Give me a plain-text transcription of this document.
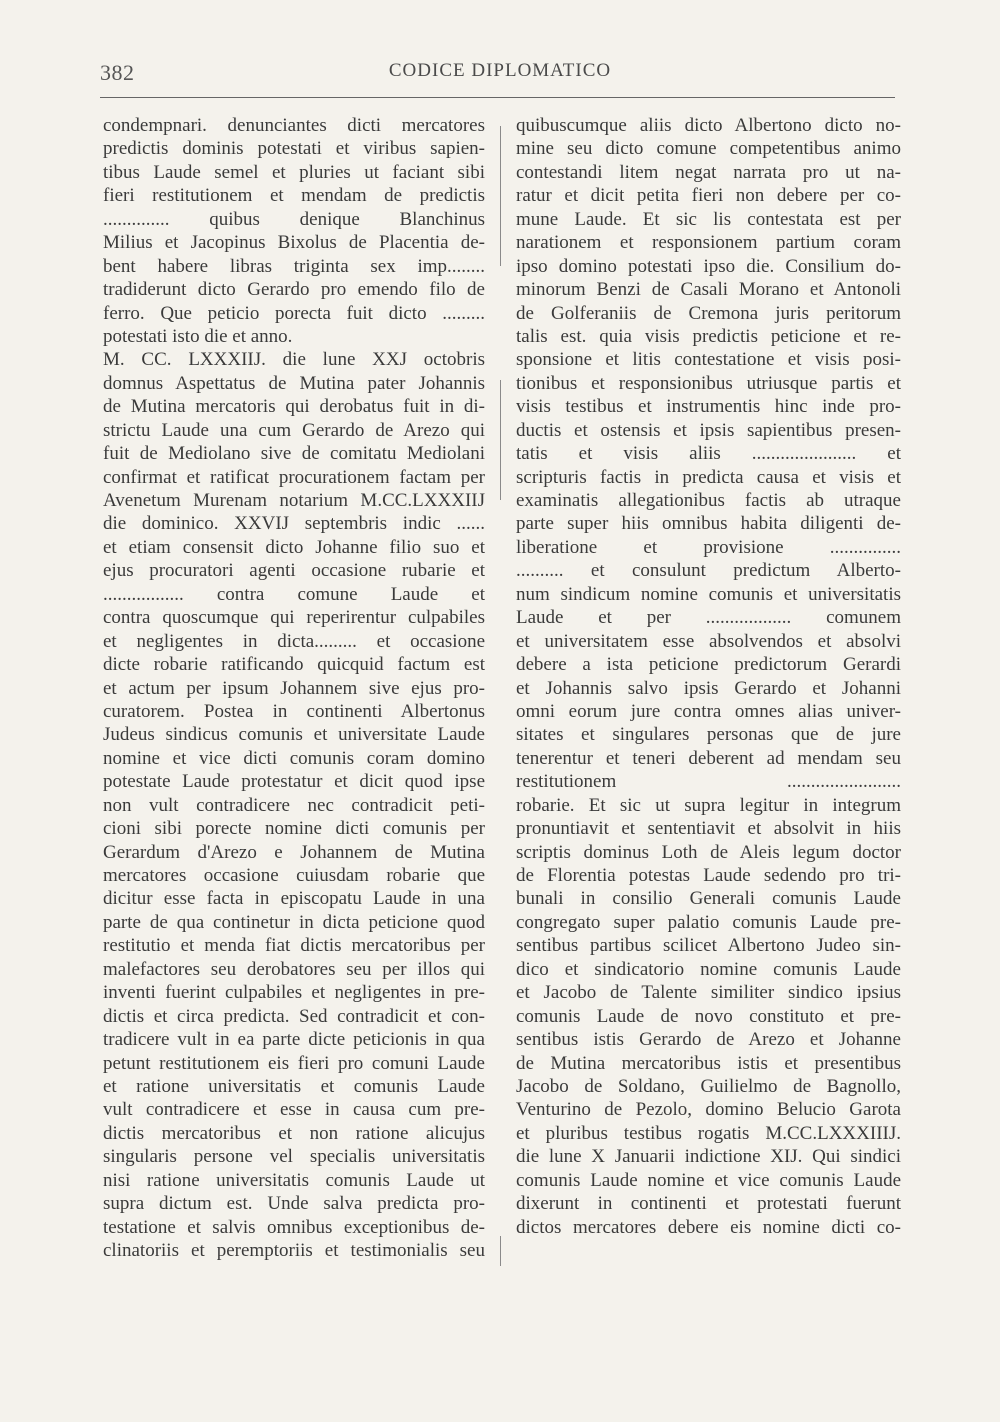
382	CODICE DIPLOMATICO
condempnari. denunciantes dicti mercatores
predictis dominis potestati et viribus sapien-
tibus Laude semel et pluries ut faciant sibi
fieri restitutionem et mendam de predictis
.............. quibus denique Blanchinus
Milius et Jacopinus Bixolus de Placentia de-
bent habere libras triginta sex imp........
tradiderunt dicto Gerardo pro emendo filo de
ferro. Que peticio porecta fuit dicto .........
potestati isto die et anno.
M. CC. LXXXIIJ. die lune XXJ octobris
domnus Aspettatus de Mutina pater Johannis
de Mutina mercatoris qui derobatus fuit in di-
strictu Laude una cum Gerardo de Arezo qui
fuit de Mediolano sive de comitatu Mediolani
confirmat et ratificat procurationem factam per
Avenetum Murenam notarium M.CC.LXXXIIJ
die dominico. XXVIJ septembris indic ......
et etiam consensit dicto Johanne filio suo et
ejus procuratori agenti occasione rubarie et
................. contra comune Laude et
contra quoscumque qui reperirentur culpabiles
et negligentes in dicta......... et occasione
dicte robarie ratificando quicquid factum est
et actum per ipsum Johannem sive ejus pro-
curatorem. Postea in continenti Albertonus
Judeus sindicus comunis et universitate Laude
nomine et vice dicti comunis coram domino
potestate Laude protestatur et dicit quod ipse
non vult contradicere nec contradicit peti-
cioni sibi porecte nomine dicti comunis per
Gerardum d'Arezo e Johannem de Mutina
mercatores occasione cuiusdam robarie que
dicitur esse facta in episcopatu Laude in una
parte de qua continetur in dicta peticione quod
restitutio et menda fiat dictis mercatoribus per
malefactores seu derobatores seu per illos qui
inventi fuerint culpabiles et negligentes in pre-
dictis et circa predicta. Sed contradicit et con-
tradicere vult in ea parte dicte peticionis in qua
petunt restitutionem eis fieri pro comuni Laude
et ratione universitatis et comunis Laude
vult contradicere et esse in causa cum pre-
dictis mercatoribus et non ratione alicujus
singularis persone vel specialis universitatis
nisi ratione universitatis comunis Laude ut
supra dictum est. Unde salva predicta pro-
testatione et salvis omnibus exceptionibus de-
clinatoriis et peremptoriis et testimonialis seu
quibuscumque aliis dicto Albertono dicto no-
mine seu dicto comune competentibus animo
contestandi litem negat narrata pro ut na-
ratur et dicit petita fieri non debere per co-
mune Laude. Et sic lis contestata est per
narationem et responsionem partium coram
ipso domino potestati ipso die. Consilium do-
minorum Benzi de Casali Morano et Antonoli
de Golferaniis de Cremona juris peritorum
talis est. quia visis predictis peticione et re-
sponsione et litis contestatione et visis posi-
tionibus et responsionibus utriusque partis et
visis testibus et instrumentis hinc inde pro-
ductis et ostensis et ipsis sapientibus presen-
tatis et visis aliis ...................... et
scripturis factis in predicta causa et visis et
examinatis allegationibus factis ab utraque
parte super hiis omnibus habita diligenti de-
liberatione et provisione ...............
.......... et consulunt predictum Alberto-
num sindicum nomine comunis et universitatis
Laude et per .................. comunem
et universitatem esse absolvendos et absolvi
debere a ista peticione predictorum Gerardi
et Johannis salvo ipsis Gerardo et Johanni
omni eorum jure contra omnes alias univer-
sitates et singulares personas que de jure
tenerentur et teneri deberent ad mendam seu
restitutionem ........................
robarie. Et sic ut supra legitur in integrum
pronuntiavit et sententiavit et absolvit in hiis
scriptis dominus Loth de Aleis legum doctor
de Florentia potestas Laude sedendo pro tri-
bunali in consilio Generali comunis Laude
congregato super palatio comunis Laude pre-
sentibus partibus scilicet Albertono Judeo sin-
dico et sindicatorio nomine comunis Laude
et Jacobo de Talente similiter sindico ipsius
comunis Laude de novo constituto et pre-
sentibus istis Gerardo de Arezo et Johanne
de Mutina mercatoribus istis et presentibus
Jacobo de Soldano, Guilielmo de Bagnollo,
Venturino de Pezolo, domino Belucio Garota
et pluribus testibus rogatis M.CC.LXXXIIIJ.
die lune X Januarii indictione XIJ. Qui sindici
comunis Laude nomine et vice comunis Laude
dixerunt in continenti et protestati fuerunt
dictos mercatores debere eis nomine dicti co-
